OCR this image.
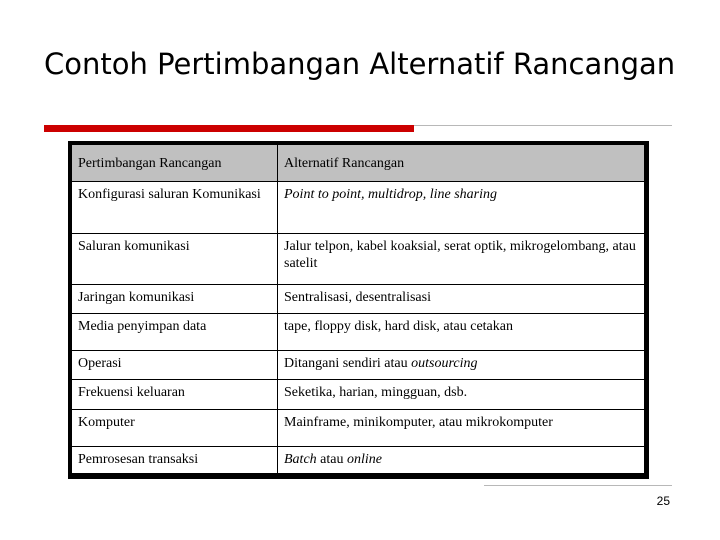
Contoh Pertimbangan Alternatif Rancangan
Pertimbangan Rancangan	Alternatif Rancangan
Konfigurasi saluran Komunikasi	Point to point, multidrop, line sharing
Saluran komunikasi	Jalur telpon, kabel koaksial, serat optik, mikrogelombang, atau satelit
Jaringan komunikasi	Sentralisasi, desentralisasi
Media penyimpan data	tape, floppy disk, hard disk, atau cetakan
Operasi	Ditangani sendiri atau outsourcing
Frekuensi keluaran	Seketika, harian, mingguan, dsb.
Komputer	Mainframe, minikomputer, atau mikrokomputer
Pemrosesan transaksi	Batch atau online
25
